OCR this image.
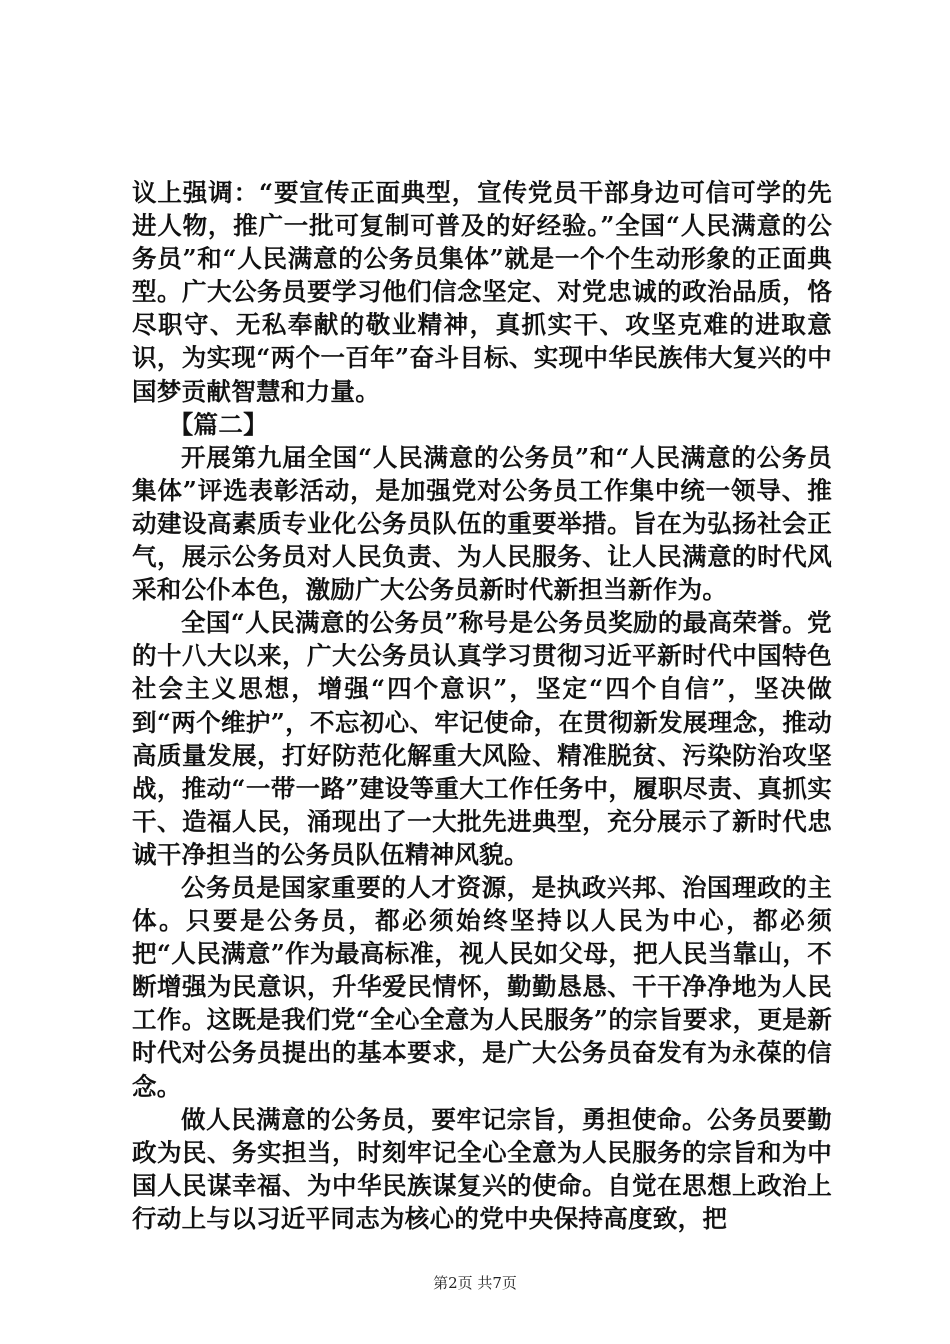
议上强调：“要宣传正面典型，宣传党员干部身边可信可学的先进人物，推广一批可复制可普及的好经验。”全国“人民满意的公务员”和“人民满意的公务员集体”就是一个个生动形象的正面典型。广大公务员要学习他们信念坚定、对党忠诚的政治品质，恪尽职守、无私奉献的敬业精神，真抓实干、攻坚克难的进取意识，为实现“两个一百年”奋斗目标、实现中华民族伟大复兴的中国梦贡献智慧和力量。

【篇二】

开展第九届全国“人民满意的公务员”和“人民满意的公务员集体”评选表彰活动，是加强党对公务员工作集中统一领导、推动建设高素质专业化公务员队伍的重要举措。旨在为弘扬社会正气，展示公务员对人民负责、为人民服务、让人民满意的时代风采和公仆本色，激励广大公务员新时代新担当新作为。

全国“人民满意的公务员”称号是公务员奖励的最高荣誉。党的十八大以来，广大公务员认真学习贯彻习近平新时代中国特色社会主义思想，增强“四个意识”，坚定“四个自信”，坚决做到“两个维护”，不忘初心、牢记使命，在贯彻新发展理念，推动高质量发展，打好防范化解重大风险、精准脱贫、污染防治攻坚战，推动“一带一路”建设等重大工作任务中，履职尽责、真抓实干、造福人民，涌现出了一大批先进典型，充分展示了新时代忠诚干净担当的公务员队伍精神风貌。

公务员是国家重要的人才资源，是执政兴邦、治国理政的主体。只要是公务员，都必须始终坚持以人民为中心，都必须把“人民满意”作为最高标准，视人民如父母，把人民当靠山，不断增强为民意识，升华爱民情怀，勤勤恳恳、干干净净地为人民工作。这既是我们党“全心全意为人民服务”的宗旨要求，更是新时代对公务员提出的基本要求，是广大公务员奋发有为永葆的信念。

做人民满意的公务员，要牢记宗旨，勇担使命。公务员要勤政为民、务实担当，时刻牢记全心全意为人民服务的宗旨和为中国人民谋幸福、为中华民族谋复兴的使命。自觉在思想上政治上行动上与以习近平同志为核心的党中央保持高度致，把

第2页 共7页
